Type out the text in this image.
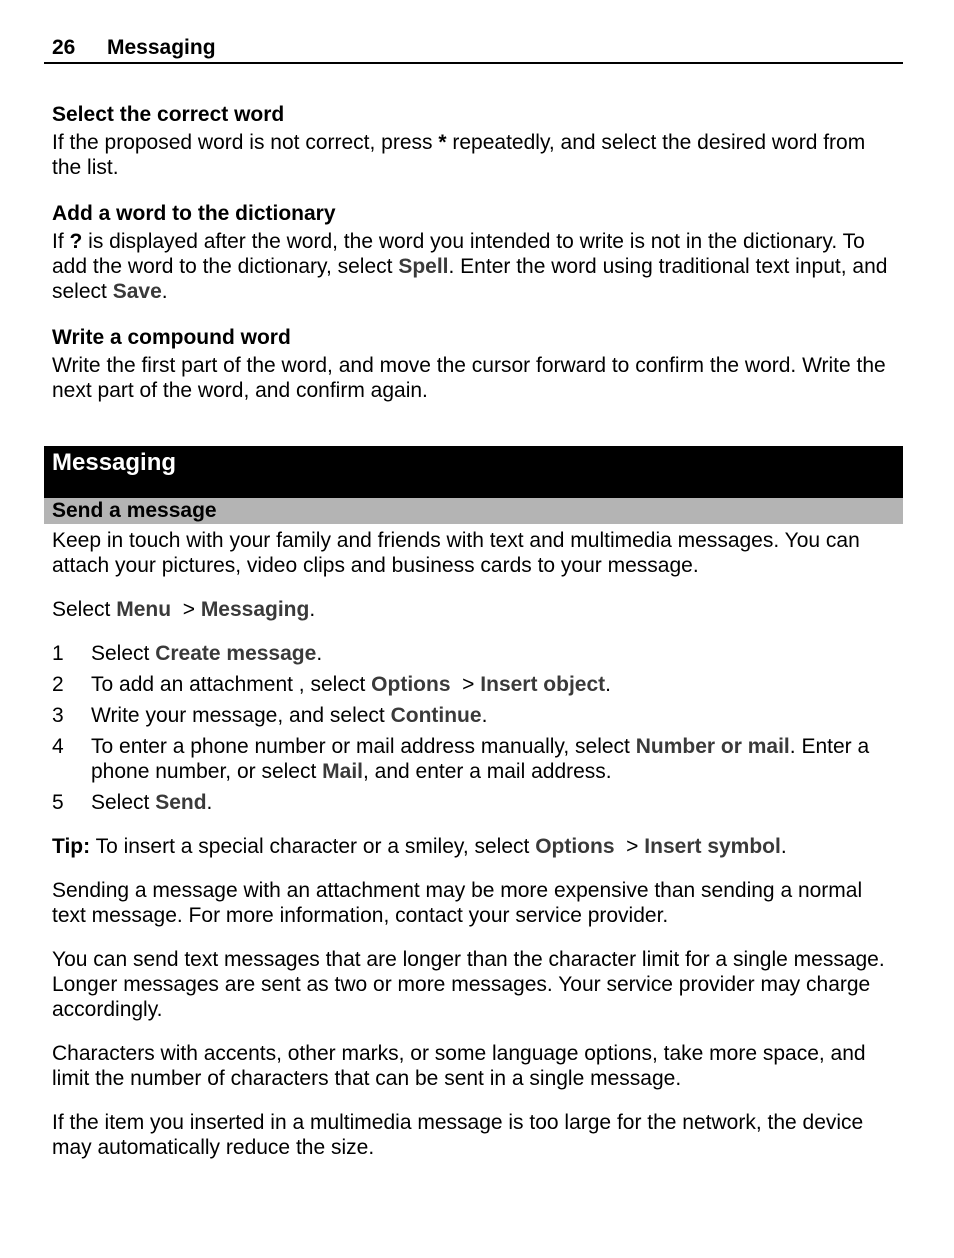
26 Messaging
Select the correct word

If the proposed word is not correct, press * repeatedly, and select the desired word from the list.

Add a word to the dictionary

If ? is displayed after the word, the word you intended to write is not in the dictionary. To add the word to the dictionary, select Spell. Enter the word using traditional text input, and select Save.

Write a compound word

Write the first part of the word, and move the cursor forward to confirm the word. Write the next part of the word, and confirm again.

Messaging
Send a message

Keep in touch with your family and friends with text and multimedia messages. You can attach your pictures, video clips and business cards to your message.

Select Menu  > Messaging.

1 Select Create message.
2 To add an attachment , select Options  > Insert object.
3 Write your message, and select Continue.
4 To enter a phone number or mail address manually, select Number or mail. Enter a phone number, or select Mail, and enter a mail address.
5 Select Send.

Tip: To insert a special character or a smiley, select Options  > Insert symbol.

Sending a message with an attachment may be more expensive than sending a normal text message. For more information, contact your service provider.

You can send text messages that are longer than the character limit for a single message. Longer messages are sent as two or more messages. Your service provider may charge accordingly.

Characters with accents, other marks, or some language options, take more space, and limit the number of characters that can be sent in a single message.

If the item you inserted in a multimedia message is too large for the network, the device may automatically reduce the size.
